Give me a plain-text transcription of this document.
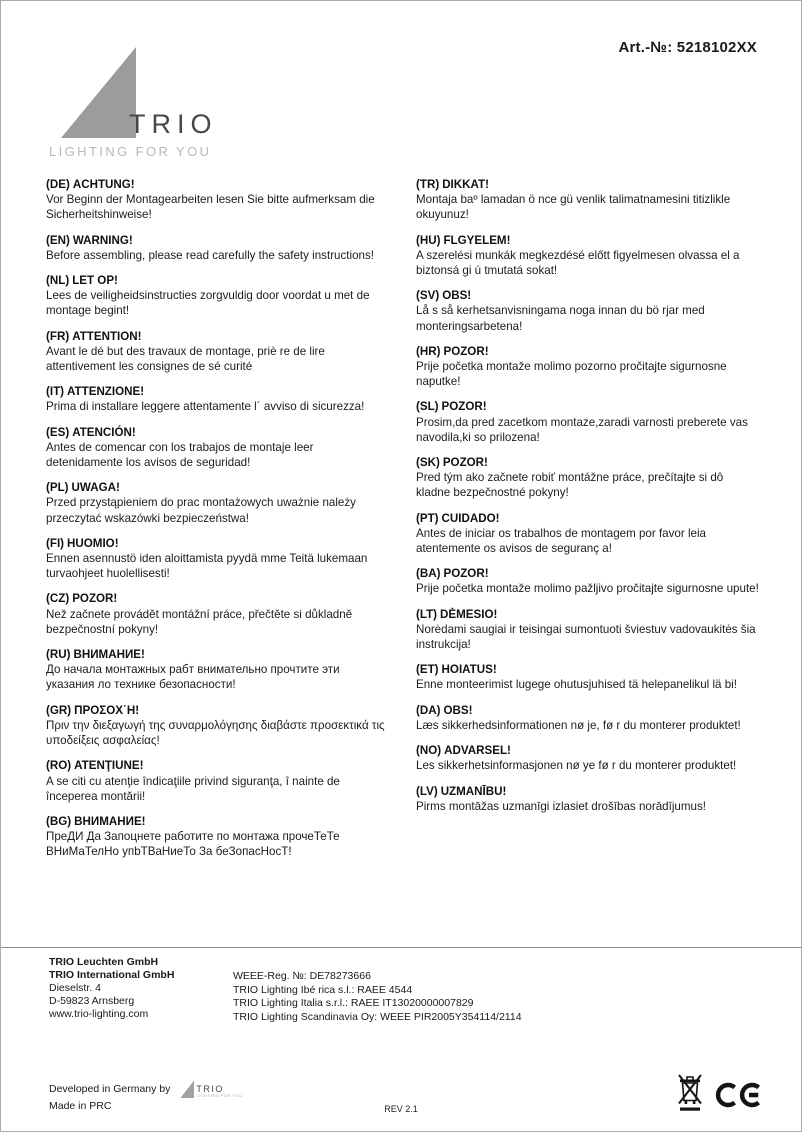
Art.-№: 5218102XX
TRIO
LIGHTING FOR YOU
(DE) ACHTUNG!
Vor Beginn der Montagearbeiten lesen Sie bitte aufmerksam die Sicherheitshinweise!
(EN) WARNING!
Before assembling, please read carefully the safety instructions!
(NL) LET OP!
Lees de veiligheidsinstructies zorgvuldig door voordat u met de montage begint!
(FR) ATTENTION!
Avant le dé but des travaux de montage, priè re de lire attentivement les consignes de sé curité
(IT) ATTENZIONE!
Prima di installare leggere attentamente l´ avviso di sicurezza!
(ES) ATENCIÓN!
Antes de comencar con los trabajos de montaje leer detenidamente los avisos de seguridad!
(PL) UWAGA!
Przed przystąpieniem do prac montażowych uważnie należy przeczytać wskazówki bezpieczeństwa!
(FI) HUOMIO!
Ennen asennustö iden aloittamista pyydä mme Teitä lukemaan turvaohjeet huolellisesti!
(CZ) POZOR!
Než začnete provádět montážní práce, přečtěte si důkladně bezpečnostní pokyny!
(RU) ВНИМАНИЕ!
До начала монтажных рабт внимательно прочтите эти указания ло технике безопасности!
(GR) ΠΡΟΣΟΧ΄Η!
Πριν την διεξαγωγή της συναρμολόγησης διαβάστε προσεκτικά τις υποδείξεις ασφαλείας!
(RO) ATENŢIUNE!
A se citi cu atenţie îndicaţiile privind siguranţa, î nainte de începerea montării!
(BG) ВНИМАНИЕ!
ПреДИ Да Запоцнете работите по монтажа прочеТеТе ВНиМаТелНо упbТВаНиеТо За беЗопасНосТ!
(TR) DIKKAT!
Montaja baº lamadan ö nce gü venlik talimatnamesini titizlikle okuyunuz!
(HU) FLGYELEM!
A szerelési munkák megkezdésé előtt figyelmesen olvassa el a biztonsá gi ú tmutatá sokat!
(SV) OBS!
Lå s så kerhetsanvisningama noga innan du bö rjar med monteringsarbetena!
(HR) POZOR!
Prije početka montaže molimo pozorno pročitajte sigurnosne naputke!
(SL) POZOR!
Prosim,da pred zacetkom montaze,zaradi varnosti preberete vas navodila,ki so prilozena!
(SK) POZOR!
Pred tým ako začnete robiť montážne práce, prečítajte si dô kladne bezpečnostné pokyny!
(PT) CUIDADO!
Antes de iniciar os trabalhos de montagem por favor leia atentemente os avisos de seguranç a!
(BA) POZOR!
Prije početka montaže molimo pažljivo pročitajte sigurnosne upute!
(LT) DĖMESIO!
Norėdami saugiai ir teisingai sumontuoti šviestuv vadovaukitės šia instrukcija!
(ET) HOIATUS!
Enne monteerimist lugege ohutusjuhised tä helepanelikul lä bi!
(DA) OBS!
Læs sikkerhedsinformationen nø je, fø r du monterer produktet!
(NO) ADVARSEL!
Les sikkerhetsinformasjonen nø ye fø r du monterer produktet!
(LV) UZMANĪBU!
Pirms montāžas uzmanīgi izlasiet drošības norādījumus!
TRIO Leuchten GmbH
TRIO International GmbH
Dieselstr. 4
D-59823 Arnsberg
www.trio-lighting.com
WEEE-Reg. №: DE78273666
TRIO Lighting Ibé rica s.l.: RAEE 4544
TRIO Lighting Italia s.r.l.: RAEE IT13020000007829
TRIO Lighting Scandinavia Oy: WEEE PIR2005Y354114/2114
Developed in Germany by	TRIO
LIGHTING FOR YOU
Made in PRC	REV 2.1
